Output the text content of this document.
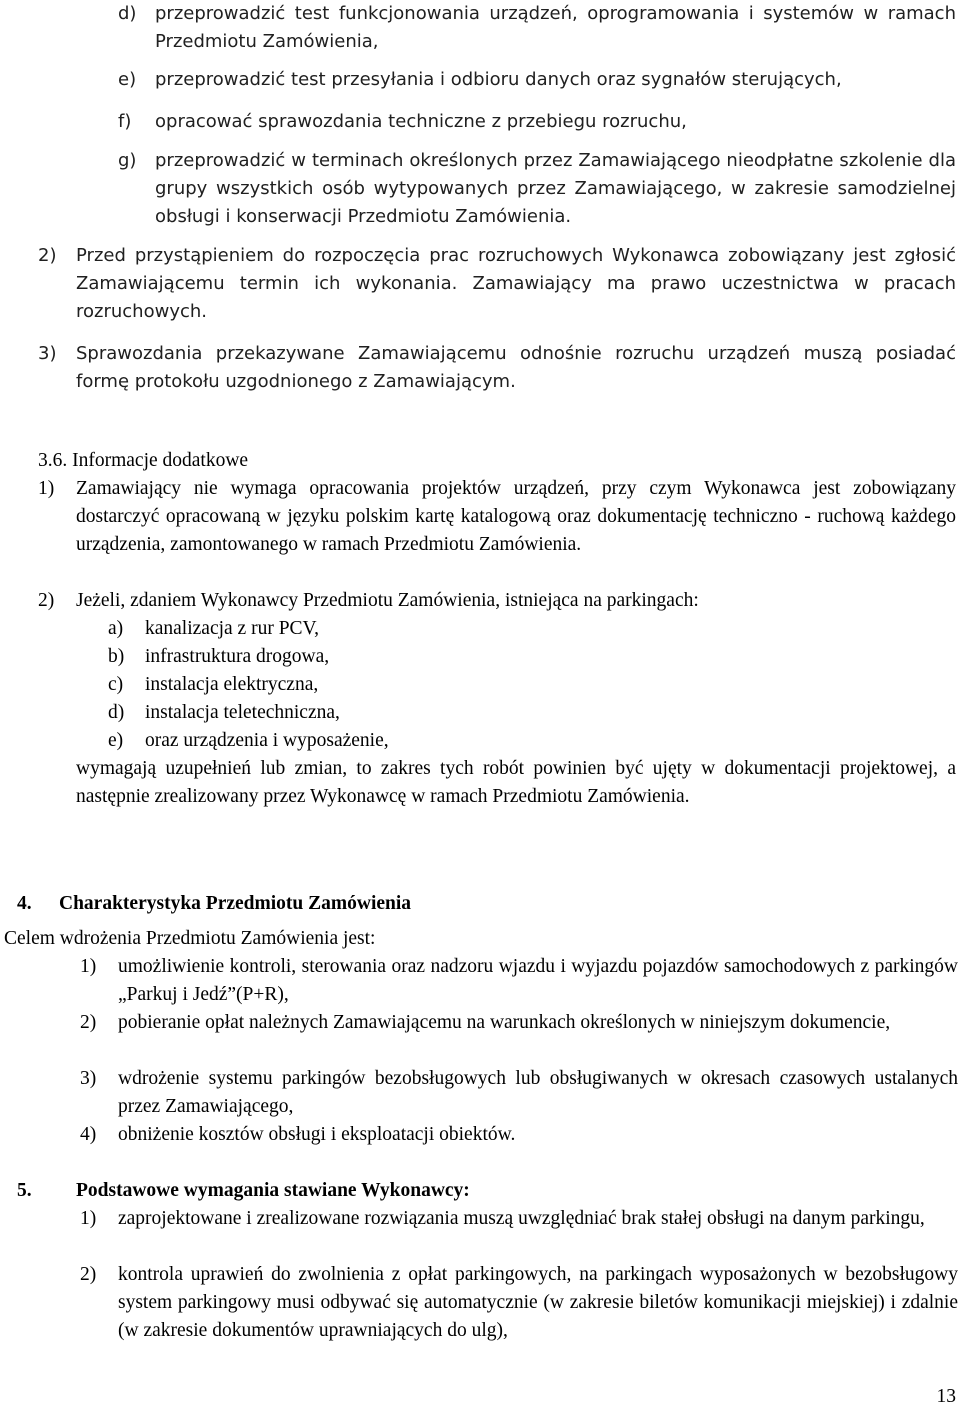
d) przeprowadzić test funkcjonowania urządzeń, oprogramowania i systemów w ramach Przedmiotu Zamówienia,

e) przeprowadzić test przesyłania i odbioru danych oraz sygnałów sterujących,

f) opracować sprawozdania techniczne z przebiegu rozruchu,

g) przeprowadzić w terminach określonych przez Zamawiającego nieodpłatne szkolenie dla grupy wszystkich osób wytypowanych przez Zamawiającego, w zakresie samodzielnej obsługi i konserwacji Przedmiotu Zamówienia.

2) Przed przystąpieniem do rozpoczęcia prac rozruchowych Wykonawca zobowiązany jest zgłosić Zamawiającemu termin ich wykonania. Zamawiający ma prawo uczestnictwa w pracach rozruchowych.

3) Sprawozdania przekazywane Zamawiającemu odnośnie rozruchu urządzeń muszą posiadać formę protokołu uzgodnionego z Zamawiającym.

3.6. Informacje dodatkowe

1) Zamawiający nie wymaga opracowania projektów urządzeń, przy czym Wykonawca jest zobowiązany dostarczyć opracowaną w języku polskim kartę katalogową oraz dokumentację techniczno - ruchową każdego urządzenia, zamontowanego w ramach Przedmiotu Zamówienia.

2) Jeżeli, zdaniem Wykonawcy Przedmiotu Zamówienia, istniejąca na parkingach:

a) kanalizacja z rur PCV,

b) infrastruktura drogowa,

c) instalacja elektryczna,

d) instalacja teletechniczna,

e) oraz urządzenia i wyposażenie,

wymagają uzupełnień lub zmian, to zakres tych robót powinien być ujęty w dokumentacji projektowej, a następnie zrealizowany przez Wykonawcę w ramach Przedmiotu Zamówienia.

4. Charakterystyka Przedmiotu Zamówienia

Celem wdrożenia Przedmiotu Zamówienia jest:

1) umożliwienie kontroli, sterowania oraz nadzoru wjazdu i wyjazdu pojazdów samochodowych z parkingów „Parkuj i Jedź”(P+R),

2) pobieranie opłat należnych Zamawiającemu na warunkach określonych w niniejszym dokumencie,

3) wdrożenie systemu parkingów bezobsługowych lub obsługiwanych w okresach czasowych ustalanych przez Zamawiającego,

4) obniżenie kosztów obsługi i eksploatacji obiektów.

5. Podstawowe wymagania stawiane Wykonawcy:

1) zaprojektowane i zrealizowane rozwiązania muszą uwzględniać brak stałej obsługi na danym parkingu,

2) kontrola uprawień do zwolnienia z opłat parkingowych, na parkingach wyposażonych w bezobsługowy system parkingowy musi odbywać się automatycznie (w zakresie biletów komunikacji miejskiej) i zdalnie (w zakresie dokumentów uprawniających do ulg),

13
